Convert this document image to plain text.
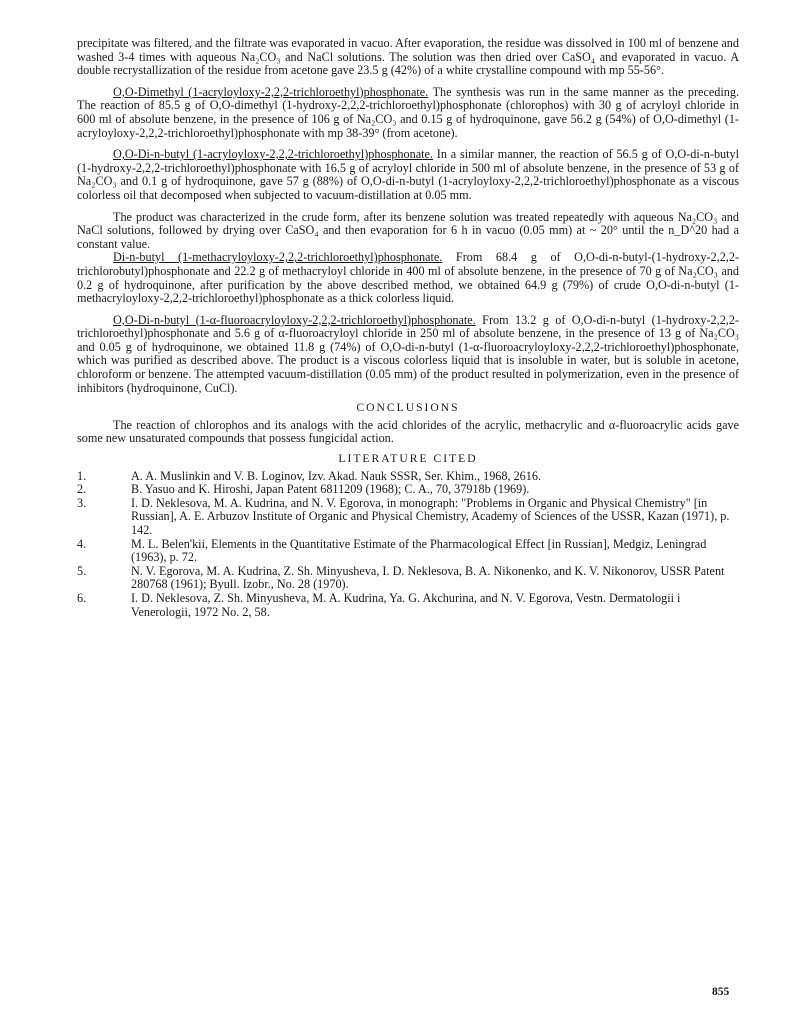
precipitate was filtered, and the filtrate was evaporated in vacuo. After evaporation, the residue was dissolved in 100 ml of benzene and washed 3-4 times with aqueous Na₂CO₃ and NaCl solutions. The solution was then dried over CaSO₄ and evaporated in vacuo. A double recrystallization of the residue from acetone gave 23.5 g (42%) of a white crystalline compound with mp 55-56°.

O,O-Dimethyl (1-acryloyloxy-2,2,2-trichloroethyl)phosphonate. The synthesis was run in the same manner as the preceding. The reaction of 85.5 g of O,O-dimethyl (1-hydroxy-2,2,2-trichloroethyl)phosphonate (chlorophos) with 30 g of acryloyl chloride in 600 ml of absolute benzene, in the presence of 106 g of Na₂CO₃ and 0.15 g of hydroquinone, gave 56.2 g (54%) of O,O-dimethyl (1-acryloyloxy-2,2,2-trichloroethyl)phosphonate with mp 38-39° (from acetone).

O,O-Di-n-butyl (1-acryloyloxy-2,2,2-trichloroethyl)phosphonate. In a similar manner, the reaction of 56.5 g of O,O-di-n-butyl (1-hydroxy-2,2,2-trichloroethyl)phosphonate with 16.5 g of acryloyl chloride in 500 ml of absolute benzene, in the presence of 53 g of Na₂CO₃ and 0.1 g of hydroquinone, gave 57 g (88%) of O,O-di-n-butyl (1-acryloyloxy-2,2,2-trichloroethyl)phosphonate as a viscous colorless oil that decomposed when subjected to vacuum-distillation at 0.05 mm.

The product was characterized in the crude form, after its benzene solution was treated repeatedly with aqueous Na₂CO₃ and NaCl solutions, followed by drying over CaSO₄ and then evaporation for 6 h in vacuo (0.05 mm) at ~ 20° until the n_D^20 had a constant value.

Di-n-butyl (1-methacryloyloxy-2,2,2-trichloroethyl)phosphonate. From 68.4 g of O,O-di-n-butyl-(1-hydroxy-2,2,2-trichlorobutyl)phosphonate and 22.2 g of methacryloyl chloride in 400 ml of absolute benzene, in the presence of 70 g of Na₂CO₃ and 0.2 g of hydroquinone, after purification by the above described method, we obtained 64.9 g (79%) of crude O,O-di-n-butyl (1-methacryloyloxy-2,2,2-trichloroethyl)phosphonate as a thick colorless liquid.

O,O-Di-n-butyl (1-α-fluoroacryloyloxy-2,2,2-trichloroethyl)phosphonate. From 13.2 g of O,O-di-n-butyl (1-hydroxy-2,2,2-trichloroethyl)phosphonate and 5.6 g of α-fluoroacryloyl chloride in 250 ml of absolute benzene, in the presence of 13 g of Na₂CO₃ and 0.05 g of hydroquinone, we obtained 11.8 g (74%) of O,O-di-n-butyl (1-α-fluoroacryloyloxy-2,2,2-trichloroethyl)phosphonate, which was purified as described above. The product is a viscous colorless liquid that is insoluble in water, but is soluble in acetone, chloroform or benzene. The attempted vacuum-distillation (0.05 mm) of the product resulted in polymerization, even in the presence of inhibitors (hydroquinone, CuCl).

CONCLUSIONS

The reaction of chlorophos and its analogs with the acid chlorides of the acrylic, methacrylic and α-fluoroacrylic acids gave some new unsaturated compounds that possess fungicidal action.

LITERATURE CITED
1.	A. A. Muslinkin and V. B. Loginov, Izv. Akad. Nauk SSSR, Ser. Khim., 1968, 2616.
2.	B. Yasuo and K. Hiroshi, Japan Patent 6811209 (1968); C. A., 70, 37918b (1969).
3.	I. D. Neklesova, M. A. Kudrina, and N. V. Egorova, in monograph: "Problems in Organic and Physical Chemistry" [in Russian], A. E. Arbuzov Institute of Organic and Physical Chemistry, Academy of Sciences of the USSR, Kazan (1971), p. 142.
4.	M. L. Belen'kii, Elements in the Quantitative Estimate of the Pharmacological Effect [in Russian], Medgiz, Leningrad (1963), p. 72.
5.	N. V. Egorova, M. A. Kudrina, Z. Sh. Minyusheva, I. D. Neklesova, B. A. Nikonenko, and K. V. Nikonorov, USSR Patent 280768 (1961); Byull. Izobr., No. 28 (1970).
6.	I. D. Neklesova, Z. Sh. Minyusheva, M. A. Kudrina, Ya. G. Akchurina, and N. V. Egorova, Vestn. Dermatologii i Venerologii, 1972 No. 2, 58.
855
